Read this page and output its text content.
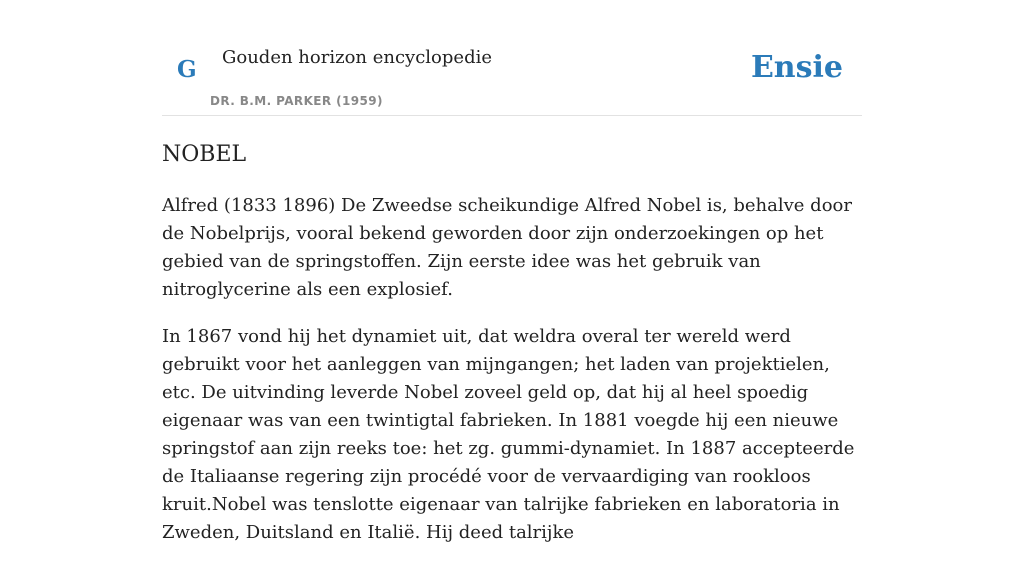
G Gouden horizon encyclopedie
DR. B.M. PARKER (1959)
Ensie
NOBEL

Alfred (1833 1896) De Zweedse scheikundige Alfred Nobel is, behalve door de Nobelprijs, vooral bekend geworden door zijn onderzoekingen op het gebied van de springstoffen. Zijn eerste idee was het gebruik van nitroglycerine als een explosief.

In 1867 vond hij het dynamiet uit, dat weldra overal ter wereld werd gebruikt voor het aanleggen van mijngangen; het laden van projektielen, etc. De uitvinding leverde Nobel zoveel geld op, dat hij al heel spoedig eigenaar was van een twintigtal fabrieken. In 1881 voegde hij een nieuwe springstof aan zijn reeks toe: het zg. gummi-dynamiet. In 1887 accepteerde de Italiaanse regering zijn procédé voor de vervaardiging van rookloos kruit.Nobel was tenslotte eigenaar van talrijke fabrieken en laboratoria in Zweden, Duitsland en Italië. Hij deed talrijke
